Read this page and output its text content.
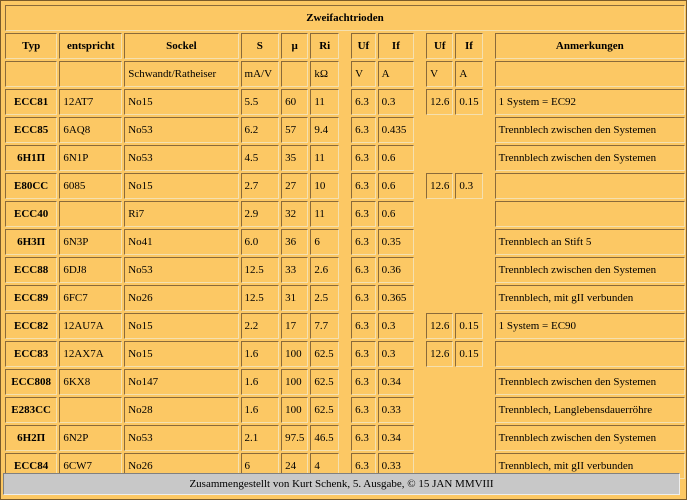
Zweifachtrioden													
Typ	entspricht	Sockel	S	µ	Ri		Uf	If		Uf	If		Anmerkungen
		Schwandt/Ratheiser	mA/V		kΩ		V	A		V	A		
ECC81	12AT7	No15	5.5	60	11		6.3	0.3		12.6	0.15		1 System = EC92
ECC85	6AQ8	No53	6.2	57	9.4		6.3	0.435					Trennblech zwischen den Systemen
6H1П	6N1P	No53	4.5	35	11		6.3	0.6					Trennblech zwischen den Systemen
E80CC	6085	No15	2.7	27	10		6.3	0.6		12.6	0.3		
ECC40		Ri7	2.9	32	11		6.3	0.6					
6H3П	6N3P	No41	6.0	36	6		6.3	0.35					Trennblech an Stift 5
ECC88	6DJ8	No53	12.5	33	2.6		6.3	0.36					Trennblech zwischen den Systemen
ECC89	6FC7	No26	12.5	31	2.5		6.3	0.365					Trennblech, mit gII verbunden
ECC82	12AU7A	No15	2.2	17	7.7		6.3	0.3		12.6	0.15		1 System = EC90
ECC83	12AX7A	No15	1.6	100	62.5		6.3	0.3		12.6	0.15		
ECC808	6KX8	No147	1.6	100	62.5		6.3	0.34					Trennblech zwischen den Systemen
E283CC		No28	1.6	100	62.5		6.3	0.33					Trennblech, Langlebensdauerröhre
6H2П	6N2P	No53	2.1	97.5	46.5		6.3	0.34					Trennblech zwischen den Systemen
ECC84	6CW7	No26	6	24	4		6.3	0.33					Trennblech, mit gII verbunden
Zusammengestellt von Kurt Schenk, 5. Ausgabe, © 15 JAN MMVIII
